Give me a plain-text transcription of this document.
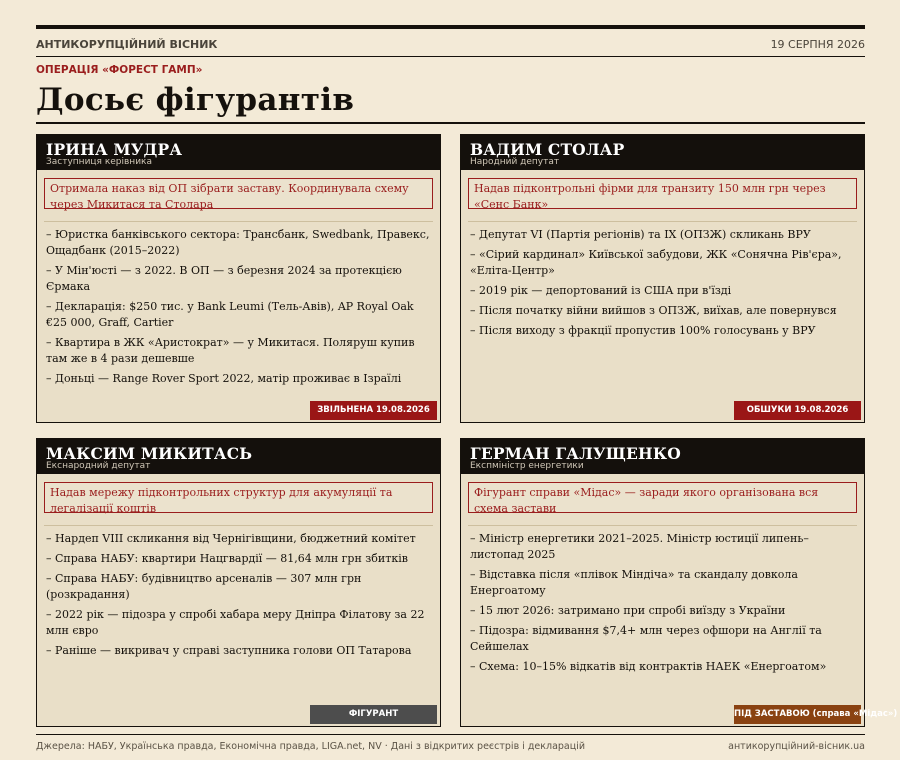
АНТИКОРУПЦІЙНИЙ ВІСНИК	19 СЕРПНЯ 2026
ОПЕРАЦІЯ «ФОРЕСТ ГАМП»
Досьє фігурантів
ІРИНА МУДРА
Заступниця керівника
Отримала наказ від ОП зібрати заставу. Координувала схему через Микитася та Столара
– Юристка банківського сектора: Трансбанк, Swedbank, Правекс, Ощадбанк (2015–2022)
– У Мін'юсті — з 2022. В ОП — з березня 2024 за протекцією Єрмака
– Декларація: $250 тис. у Bank Leumi (Тель-Авів), AP Royal Oak €25 000, Graff, Cartier
– Квартира в ЖК «Аристократ» — у Микитася. Поляруш купив там же в 4 рази дешевше
– Доньці — Range Rover Sport 2022, матір проживає в Ізраїлі
ЗВІЛЬНЕНА 19.08.2026
ВАДИМ СТОЛАР
Народний депутат
Надав підконтрольні фірми для транзиту 150 млн грн через «Сенс Банк»
– Депутат VI (Партія регіонів) та IX (ОПЗЖ) скликань ВРУ
– «Сірий кардинал» Київської забудови, ЖК «Сонячна Рів'єра», «Еліта-Центр»
– 2019 рік — депортований із США при в'їзді
– Після початку війни вийшов з ОПЗЖ, виїхав, але повернувся
– Після виходу з фракції пропустив 100% голосувань у ВРУ
ОБШУКИ 19.08.2026
МАКСИМ МИКИТАСЬ
Екснародний депутат
Надав мережу підконтрольних структур для акумуляції та легалізації коштів
– Нардеп VIII скликання від Чернігівщини, бюджетний комітет
– Справа НАБУ: квартири Нацгвардії — 81,64 млн грн збитків
– Справа НАБУ: будівництво арсеналів — 307 млн грн (розкрадання)
– 2022 рік — підозра у спробі хабара меру Дніпра Філатову за 22 млн євро
– Раніше — викривач у справі заступника голови ОП Татарова
ФІГУРАНТ
ГЕРМАН ГАЛУЩЕНКО
Експміністр енергетики
Фігурант справи «Мідас» — заради якого організована вся схема застави
– Міністр енергетики 2021–2025. Міністр юстиції липень–листопад 2025
– Відставка після «плівок Міндіча» та скандалу довкола Енергоатому
– 15 лют 2026: затримано при спробі виїзду з України
– Підозра: відмивання $7,4+ млн через офшори на Англії та Сейшелах
– Схема: 10–15% відкатів від контрактів НАЕК «Енергоатом»
ПІД ЗАСТАВОЮ (справа «Мідас»)
Джерела: НАБУ, Українська правда, Економічна правда, LIGA.net, NV · Дані з відкритих реєстрів і декларацій	антикорупційний-вісник.ua
